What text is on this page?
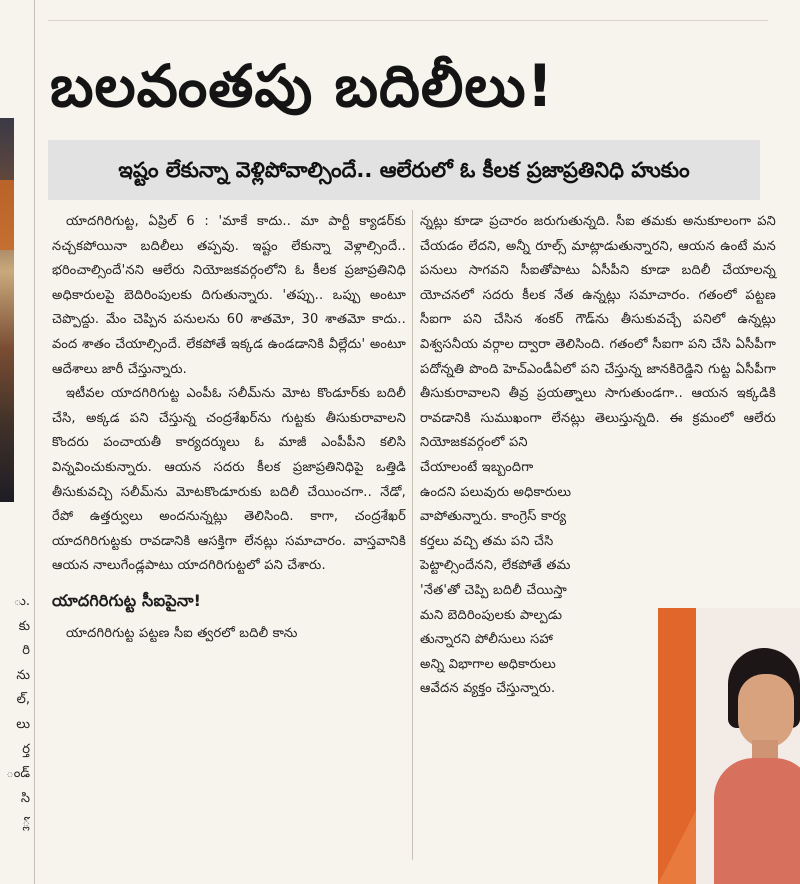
ు.
కు
రి
ను
ల్,
లు
ర్త
ండ్
సి
్లో
బలవంతపు బదిలీలు!
ఇష్టం లేకున్నా వెళ్లిపోవాల్సిందే.. ఆలేరులో ఓ కీలక ప్రజాప్రతినిధి హుకుం

యాదగిరిగుట్ట, ఏప్రిల్ 6 : 'మాకే కాదు.. మా పార్టీ క్యాడర్‌కు నచ్చకపోయినా బదిలీలు తప్పవు. ఇష్టం లేకున్నా వెళ్లాల్సిందే.. భరించాల్సిందే'నని ఆలేరు నియోజకవర్గంలోని ఓ కీలక ప్రజాప్రతినిధి అధికారులపై బెదిరింపులకు దిగుతున్నారు. 'తప్పు.. ఒప్పు అంటూ చెప్పొద్దు. మేం చెప్పిన పనులను 60 శాతమో, 30 శాతమో కాదు.. వంద శాతం చేయాల్సిందే. లేకపోతే ఇక్కడ ఉండడానికి వీల్లేదు' అంటూ ఆదేశాలు జారీ చేస్తున్నారు.

ఇటీవల యాదగిరిగుట్ట ఎంపీఓ సలీమ్‌ను మోట కొండూర్‌కు బదిలీ చేసి, అక్కడ పని చేస్తున్న చంద్రశేఖర్‌ను గుట్టకు తీసుకురావాలని కొందరు పంచాయతీ కార్యదర్శులు ఓ మాజీ ఎంపీపీని కలిసి విన్నవించుకున్నారు. ఆయన సదరు కీలక ప్రజాప్రతినిధిపై ఒత్తిడి తీసుకువచ్చి సలీమ్‌ను మోటకొండూరుకు బదిలీ చేయించగా.. నేడో, రేపో ఉత్తర్వులు అందనున్నట్లు తెలిసింది. కాగా, చంద్రశేఖర్ యాదగిరిగుట్టకు రావడానికి ఆసక్తిగా లేనట్లు సమాచారం. వాస్తవానికి ఆయన నాలుగేండ్లపాటు యాదగిరిగుట్టలో పని చేశారు.

యాదగిరిగుట్ట సీఐపైనా!

యాదగిరిగుట్ట పట్టణ సీఐ త్వరలో బదిలీ కాను

న్నట్లు కూడా ప్రచారం జరుగుతున్నది. సీఐ తమకు అనుకూలంగా పని చేయడం లేదని, అన్నీ రూల్స్ మాట్లాడుతున్నారని, ఆయన ఉంటే మన పనులు సాగవని సీఐతోపాటు ఏసీపీని కూడా బదిలీ చేయాలన్న యోచనలో సదరు కీలక నేత ఉన్నట్లు సమాచారం. గతంలో పట్టణ సీఐగా పని చేసిన శంకర్ గౌడ్‌ను తీసుకువచ్చే పనిలో ఉన్నట్లు విశ్వసనీయ వర్గాల ద్వారా తెలిసింది. గతంలో సీఐగా పని చేసి ఏసీపీగా పదోన్నతి పొంది హెచ్ఎండీఏలో పని చేస్తున్న జానకిరెడ్డిని గుట్ట ఏసీపీగా తీసుకురావాలని తీవ్ర ప్రయత్నాలు సాగుతుండగా.. ఆయన ఇక్కడికి రావడానికి సుముఖంగా లేనట్లు తెలుస్తున్నది. ఈ క్రమంలో ఆలేరు నియోజకవర్గంలో పని

చేయాలంటే ఇబ్బందిగా
ఉందని పలువురు అధికారులు
వాపోతున్నారు. కాంగ్రెస్ కార్య
కర్తలు వచ్చి తమ పని చేసి
పెట్టాల్సిందేనని, లేకపోతే తమ
'నేత'తో చెప్పి బదిలీ చేయిస్తా
మని బెదిరింపులకు పాల్పడు
తున్నారని పోలీసులు సహా
అన్ని విభాగాల అధికారులు
ఆవేదన వ్యక్తం చేస్తున్నారు.
